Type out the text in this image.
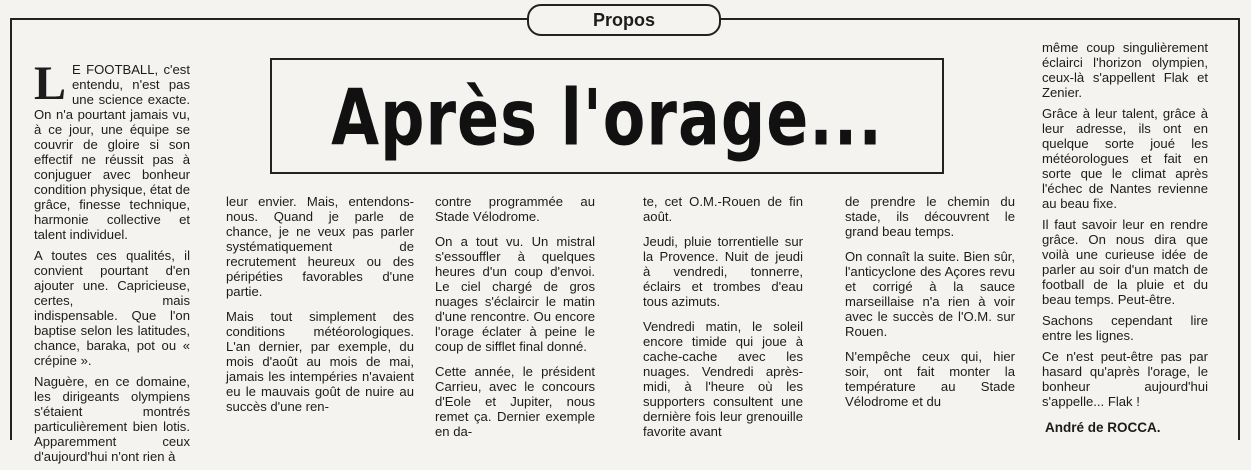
Propos
Après l'orage...

L E FOOTBALL, c'est entendu, n'est pas une science exacte. On n'a pourtant jamais vu, à ce jour, une équipe se couvrir de gloire si son effectif ne réussit pas à conjuguer avec bonheur condition physique, état de grâce, finesse technique, harmonie collective et talent individuel.

A toutes ces qualités, il convient pourtant d'en ajouter une. Capricieuse, certes, mais indispensable. Que l'on baptise selon les latitudes, chance, baraka, pot ou « crépine ».

Naguère, en ce domaine, les dirigeants olympiens s'étaient montrés particulièrement bien lotis. Apparemment ceux d'aujourd'hui n'ont rien à

leur envier. Mais, entendons-nous. Quand je parle de chance, je ne veux pas parler systématiquement de recrutement heureux ou des péripéties favorables d'une partie.

Mais tout simplement des conditions météorologiques. L'an dernier, par exemple, du mois d'août au mois de mai, jamais les intempéries n'avaient eu le mauvais goût de nuire au succès d'une ren-

contre programmée au Stade Vélodrome.

On a tout vu. Un mistral s'essouffler à quelques heures d'un coup d'envoi. Le ciel chargé de gros nuages s'éclaircir le matin d'une rencontre. Ou encore l'orage éclater à peine le coup de sifflet final donné.

Cette année, le président Carrieu, avec le concours d'Eole et Jupiter, nous remet ça. Dernier exemple en da-

te, cet O.M.-Rouen de fin août.

Jeudi, pluie torrentielle sur la Provence. Nuit de jeudi à vendredi, tonnerre, éclairs et trombes d'eau tous azimuts.

Vendredi matin, le soleil encore timide qui joue à cache-cache avec les nuages. Vendredi après-midi, à l'heure où les supporters consultent une dernière fois leur grenouille favorite avant

de prendre le chemin du stade, ils découvrent le grand beau temps.

On connaît la suite. Bien sûr, l'anticyclone des Açores revu et corrigé à la sauce marseillaise n'a rien à voir avec le succès de l'O.M. sur Rouen.

N'empêche ceux qui, hier soir, ont fait monter la température au Stade Vélodrome et du

même coup singulièrement éclairci l'horizon olympien, ceux-là s'appellent Flak et Zenier.

Grâce à leur talent, grâce à leur adresse, ils ont en quelque sorte joué les météorologues et fait en sorte que le climat après l'échec de Nantes revienne au beau fixe.

Il faut savoir leur en rendre grâce. On nous dira que voilà une curieuse idée de parler au soir d'un match de football de la pluie et du beau temps. Peut-être.

Sachons cependant lire entre les lignes.

Ce n'est peut-être pas par hasard qu'après l'orage, le bonheur aujourd'hui s'appelle... Flak !

André de ROCCA.
